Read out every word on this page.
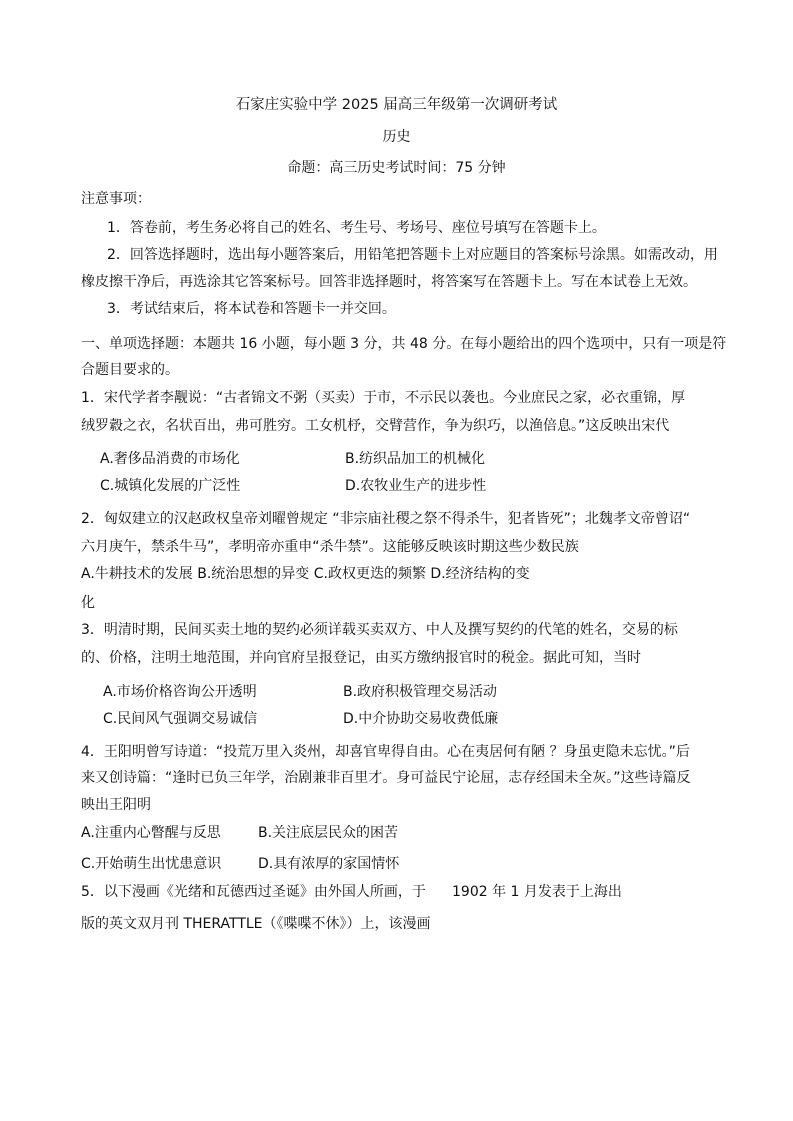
石家庄实验中学 2025 届高三年级第一次调研考试
历史
命题：高三历史考试时间：75 分钟
注意事项：
1．答卷前，考生务必将自己的姓名、考生号、考场号、座位号填写在答题卡上。
2．回答选择题时，选出每小题答案后，用铅笔把答题卡上对应题目的答案标号涂黑。如需改动，用
橡皮擦干净后，再选涂其它答案标号。回答非选择题时，将答案写在答题卡上。写在本试卷上无效。
3．考试结束后，将本试卷和答题卡一并交回。
一、单项选择题：本题共 16 小题，每小题 3 分，共 48 分。在每小题给出的四个选项中，只有一项是符
合题目要求的。
1．宋代学者李觏说：“古者锦文不粥（买卖）于市，不示民以袭也。今业庶民之家，必衣重锦，厚
绒罗縠之衣，名状百出，弗可胜穷。工女机杼，交臂营作，争为织巧，以渔倍息。”这反映出宋代
A.奢侈品消费的市场化	B.纺织品加工的机械化
C.城镇化发展的广泛性	D.农牧业生产的进步性
2．匈奴建立的汉赵政权皇帝刘曜曾规定 “非宗庙社稷之祭不得杀牛，犯者皆死”；北魏孝文帝曾诏“
六月庚午，禁杀牛马”，孝明帝亦重申“杀牛禁”。这能够反映该时期这些少数民族
A.牛耕技术的发展 B.统治思想的异变 C.政权更迭的频繁 D.经济结构的变
化
3．明清时期，民间买卖土地的契约必须详载买卖双方、中人及撰写契约的代笔的姓名，交易的标
的、价格，注明土地范围，并向官府呈报登记，由买方缴纳报官时的税金。据此可知，当时
A.市场价格咨询公开透明	B.政府积极管理交易活动
C.民间风气强调交易诚信	D.中介协助交易收费低廉
4．王阳明曾写诗道：“投荒万里入炎州，却喜官卑得自由。心在夷居何有陋 ？身虽吏隐未忘忧。”后
来又创诗篇：“逢时已负三年学，治剧兼非百里才。身可益民宁论屈，志存经国未全灰。”这些诗篇反
映出王阳明
A.注重内心瞥醒与反思	B.关注底层民众的困苦
C.开始萌生出忧患意识	D.具有浓厚的家国情怀
5．以下漫画《光绪和瓦德西过圣诞》由外国人所画，于 1902 年 1 月发表于上海出
版的英文双月刊 THERATTLE（《喋喋不休》）上，该漫画
